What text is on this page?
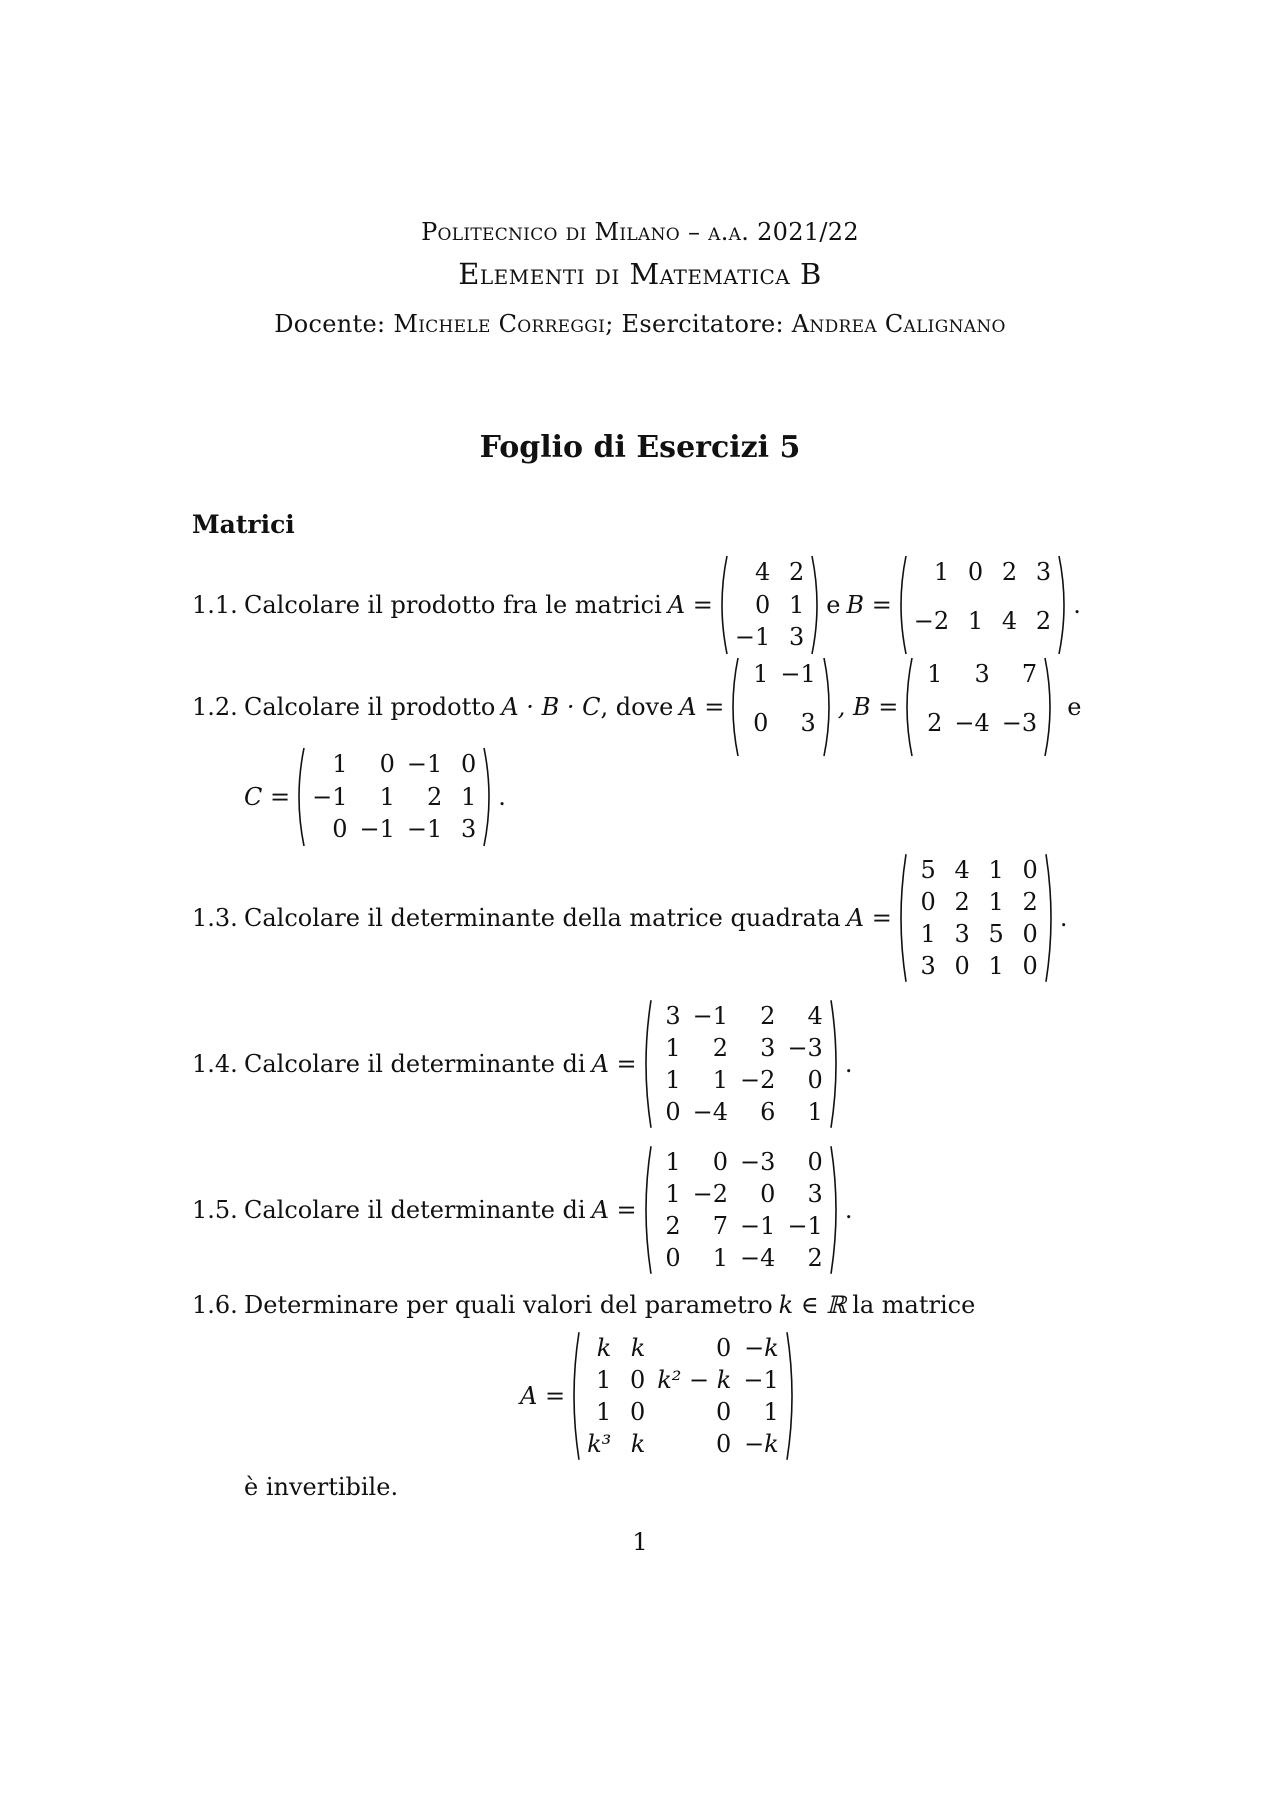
Politecnico di Milano – a.a. 2021/22
Elementi di Matematica B
Docente: Michele Correggi; Esercitatore: Andrea Calignano
Foglio di Esercizi 5
Matrici
1.1. Calcolare il prodotto fra le matrici A =
4 2
0 1
−1 3
e B =
1 0 2 3
−2 1 4 2
.
1.2. Calcolare il prodotto A · B · C , dove A =
1 −1
0	3
, B =
1	3	7
2 −4 −3
e
C =
1	0 −1 0
−1	1	2 1
0 −1 −1 3
.
1.3. Calcolare il determinante della matrice quadrata A =
5 4 1 0
0 2 1 2
1 3 5 0
3 0 1 0
.
1.4. Calcolare il determinante di A =
3 −1	2	4
1	2	3 −3
1	1 −2	0
0 −4	6	1
.
1.5. Calcolare il determinante di A =
1	0 −3	0
1 −2	0	3
2	7 −1 −1
0	1 −4	2
.
1.6. Determinare per quali valori del parametro k ∈ ℝ la matrice
A =
k k	0 −k
1 0 k² − k −1
1 0	0	1
k³ k	0 −k
è invertibile.
1
